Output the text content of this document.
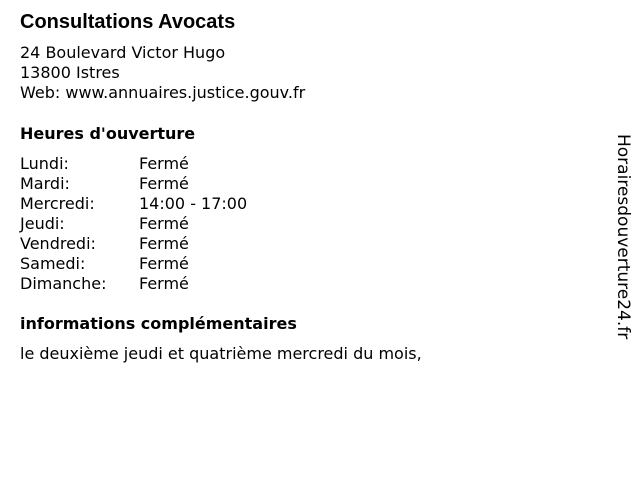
Consultations Avocats
24 Boulevard Victor Hugo
13800 Istres
Web: www.annuaires.justice.gouv.fr
Heures d'ouverture
Lundi:	Fermé
Mardi:	Fermé
Mercredi:	14:00 - 17:00
Jeudi:	Fermé
Vendredi:	Fermé
Samedi:	Fermé
Dimanche:	Fermé
informations complémentaires
le deuxième jeudi et quatrième mercredi du mois,
Horairesdouverture24.fr
